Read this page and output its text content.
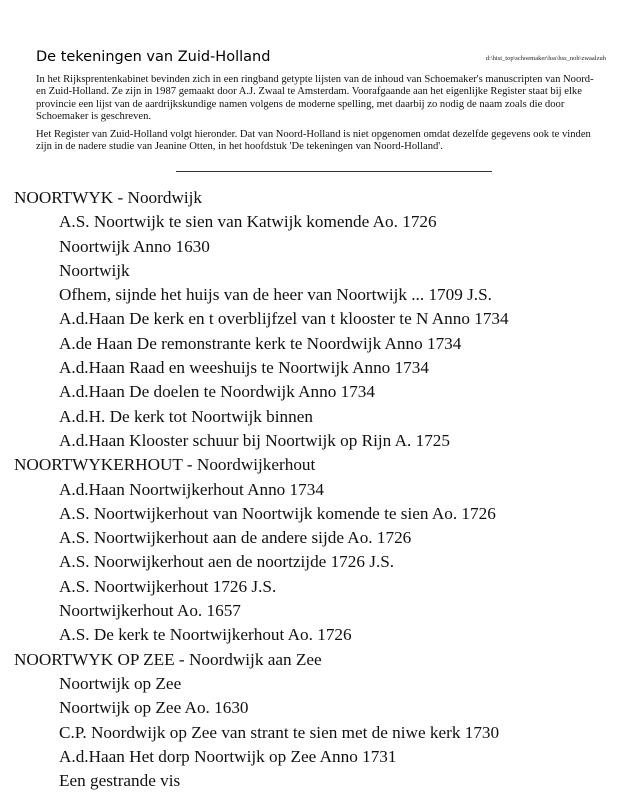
De tekeningen van Zuid-Holland	d:\hist_top\schoemaker\hss\hss_noh\zwaalzuh

In het Rijksprentenkabinet bevinden zich in een ringband getypte lijsten van de inhoud van Schoemaker's manuscripten van Noord- en Zuid-Holland. Ze zijn in 1987 gemaakt door A.J. Zwaal te Amsterdam. Voorafgaande aan het eigenlijke Register staat bij elke provincie een lijst van de aardrijkskundige namen volgens de moderne spelling, met daarbij zo nodig de naam zoals die door Schoemaker is geschreven.

Het Register van Zuid-Holland volgt hieronder. Dat van Noord-Holland is niet opgenomen omdat dezelfde gegevens ook te vinden zijn in de nadere studie van Jeanine Otten, in het hoofdstuk 'De tekeningen van Noord-Holland'.

NOORTWYK - Noordwijk
A.S. Noortwijk te sien van Katwijk komende Ao. 1726
Noortwijk Anno 1630
Noortwijk
Ofhem, sijnde het huijs van de heer van Noortwijk ... 1709 J.S.
A.d.Haan De kerk en t overblijfzel van t klooster te N Anno 1734
A.de Haan De remonstrante kerk te Noordwijk Anno 1734
A.d.Haan Raad en weeshuijs te Noortwijk Anno 1734
A.d.Haan De doelen te Noordwijk Anno 1734
A.d.H. De kerk tot Noortwijk binnen
A.d.Haan Klooster schuur bij Noortwijk op Rijn A. 1725
NOORTWYKERHOUT - Noordwijkerhout
A.d.Haan Noortwijkerhout Anno 1734
A.S. Noortwijkerhout van Noortwijk komende te sien Ao. 1726
A.S. Noortwijkerhout aan de andere sijde Ao. 1726
A.S. Noorwijkerhout aen de noortzijde 1726 J.S.
A.S. Noortwijkerhout 1726 J.S.
Noortwijkerhout Ao. 1657
A.S. De kerk te Noortwijkerhout Ao. 1726
NOORTWYK OP ZEE - Noordwijk aan Zee
Noortwijk op Zee
Noortwijk op Zee Ao. 1630
C.P. Noordwijk op Zee van strant te sien met de niwe kerk 1730
A.d.Haan Het dorp Noortwijk op Zee Anno 1731
Een gestrande vis
